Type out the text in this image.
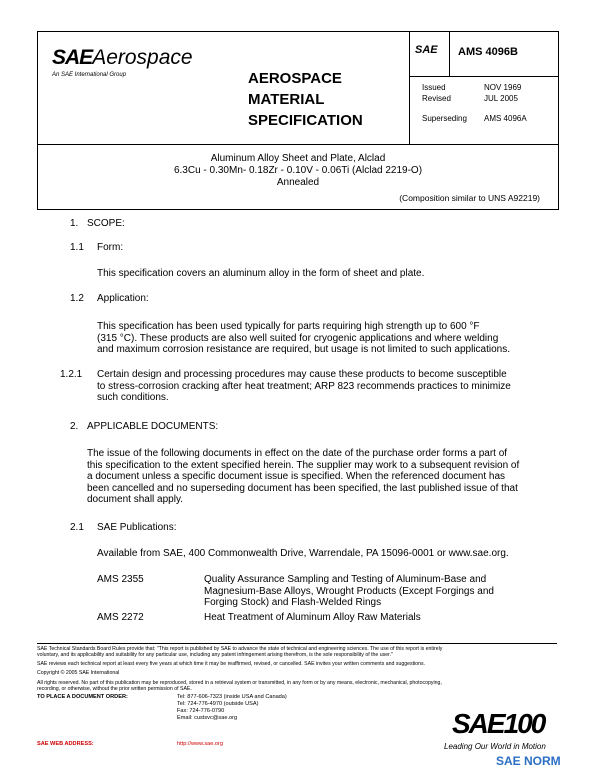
SAEAerospace
An SAE International Group	AEROSPACE
MATERIAL
SPECIFICATION
SAE AMS 4096B
Issued	NOV 1969
Revised	JUL 2005
Superseding AMS 4096A
Aluminum Alloy Sheet and Plate, Alclad
6.3Cu - 0.30Mn- 0.18Zr - 0.10V - 0.06Ti (Alclad 2219-O)
Annealed
(Composition similar to UNS A92219)
1. SCOPE:
1.1 Form:
This specification covers an aluminum alloy in the form of sheet and plate.
1.2 Application:
This specification has been used typically for parts requiring high strength up to 600 °F
(315 °C). These products are also well suited for cryogenic applications and where welding
and maximum corrosion resistance are required, but usage is not limited to such applications.
1.2.1 Certain design and processing procedures may cause these products to become susceptible
to stress-corrosion cracking after heat treatment; ARP 823 recommends practices to minimize
such conditions.
2. APPLICABLE DOCUMENTS:
The issue of the following documents in effect on the date of the purchase order forms a part of
this specification to the extent specified herein. The supplier may work to a subsequent revision of
a document unless a specific document issue is specified. When the referenced document has
been cancelled and no superseding document has been specified, the last published issue of that
document shall apply.
2.1 SAE Publications:
Available from SAE, 400 Commonwealth Drive, Warrendale, PA 15096-0001 or www.sae.org.
AMS 2355	Quality Assurance Sampling and Testing of Aluminum-Base and
Magnesium-Base Alloys, Wrought Products (Except Forgings and
Forging Stock) and Flash-Welded Rings
AMS 2272	Heat Treatment of Aluminum Alloy Raw Materials
SAE Technical Standards Board Rules provide that: "This report is published by SAE to advance the state of technical and engineering sciences. The use of this report is entirely
voluntary, and its applicability and suitability for any particular use, including any patent infringement arising therefrom, is the sole responsibility of the user."
SAE reviews each technical report at least every five years at which time it may be reaffirmed, revised, or cancelled. SAE invites your written comments and suggestions.
Copyright © 2005 SAE International
All rights reserved. No part of this publication may be reproduced, stored in a retrieval system or transmitted, in any form or by any means, electronic, mechanical, photocopying,
recording, or otherwise, without the prior written permission of SAE.
TO PLACE A DOCUMENT ORDER:	Tel: 877-606-7323 (inside USA and Canada)
Tel: 724-776-4970 (outside USA)
Fax: 724-776-0790
Email: custsvc@sae.org
SAE WEB ADDRESS:	http://www.sae.org
SAE100
Leading Our World in Motion
SAE NORM
